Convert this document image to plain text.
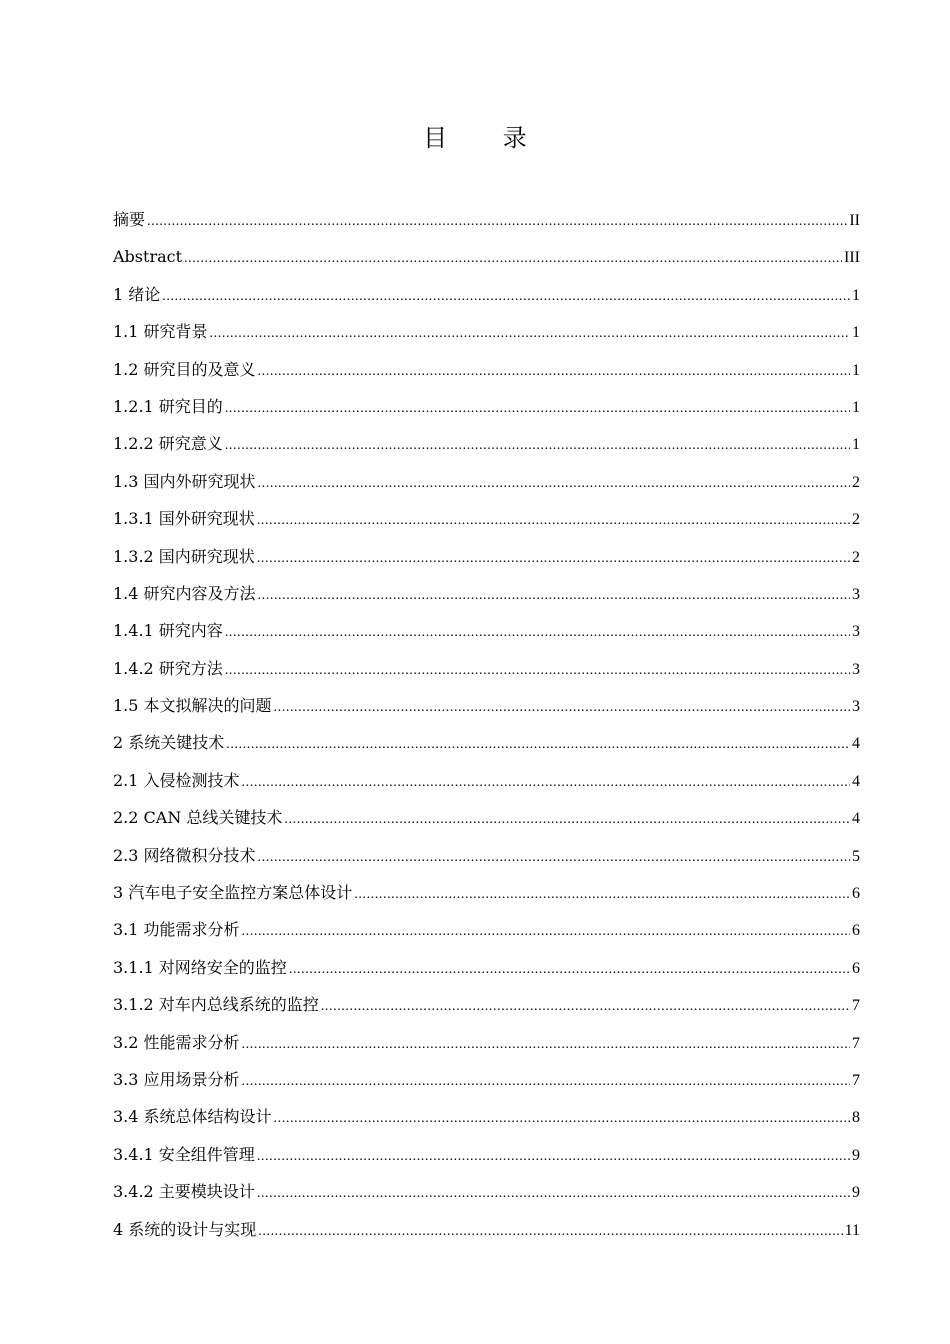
目 录
摘要 .....	II
Abstract .....	III
1 绪论 .....	1
1.1 研究背景 .....	1
1.2 研究目的及意义 .....	1
1.2.1 研究目的 .....	1
1.2.2 研究意义 .....	1
1.3 国内外研究现状 .....	2
1.3.1 国外研究现状 .....	2
1.3.2 国内研究现状 .....	2
1.4 研究内容及方法 .....	3
1.4.1 研究内容 .....	3
1.4.2 研究方法 .....	3
1.5 本文拟解决的问题 .....	3
2 系统关键技术 .....	4
2.1 入侵检测技术 .....	4
2.2 CAN 总线关键技术 .....	4
2.3 网络微积分技术 .....	5
3 汽车电子安全监控方案总体设计 .....	6
3.1 功能需求分析 .....	6
3.1.1 对网络安全的监控 .....	6
3.1.2 对车内总线系统的监控 .....	7
3.2 性能需求分析 .....	7
3.3 应用场景分析 .....	7
3.4 系统总体结构设计 .....	8
3.4.1 安全组件管理 .....	9
3.4.2 主要模块设计 .....	9
4 系统的设计与实现 .....	11
